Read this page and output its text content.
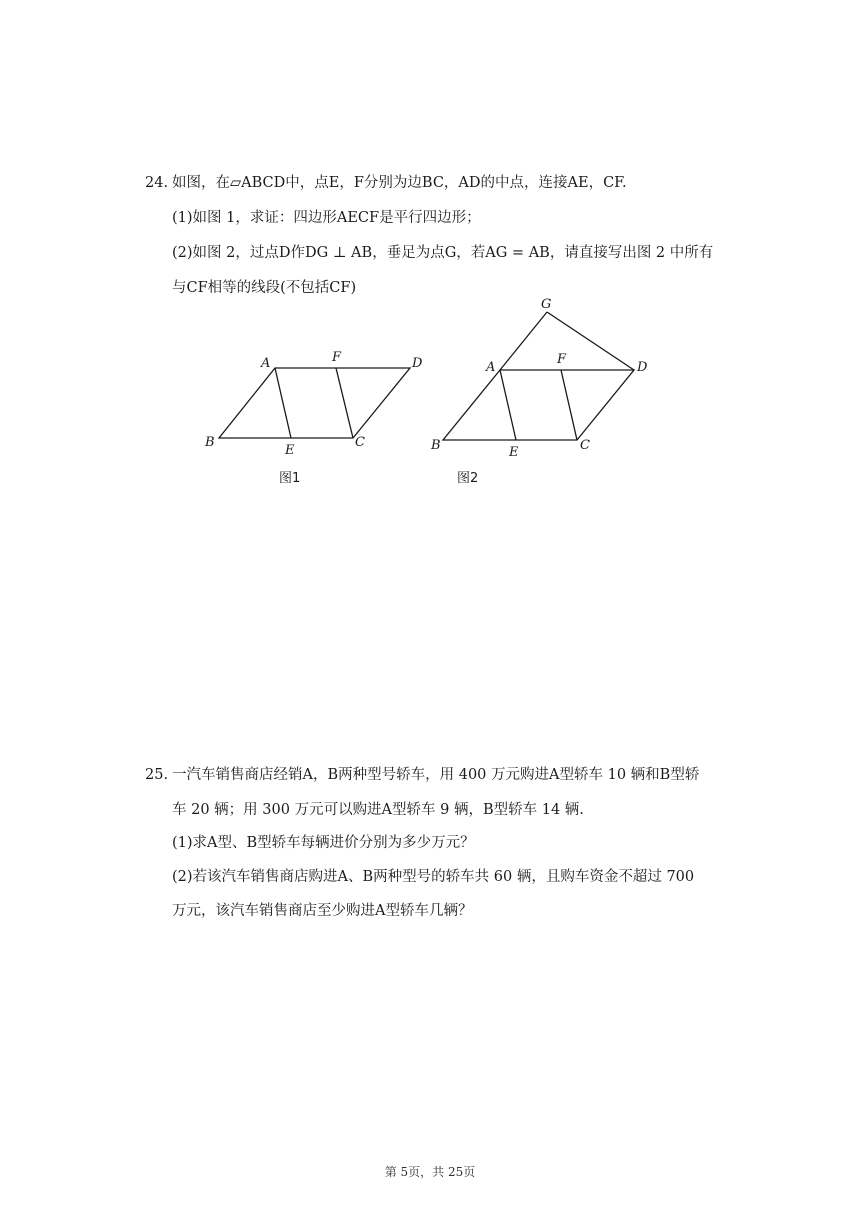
24. 如图，在▱ABCD中，点E，F分别为边BC，AD的中点，连接AE，CF.
(1)如图 1，求证：四边形AECF是平行四边形；
(2)如图 2，过点D作DG ⊥ AB，垂足为点G，若AG = AB，请直接写出图 2 中所有
与CF相等的线段(不包括CF)
A	F	D
B
E
C
图1
G
A
F
D
B	E	C
图2
25. 一汽车销售商店经销A，B两种型号轿车，用 400 万元购进A型轿车 10 辆和B型轿
车 20 辆；用 300 万元可以购进A型轿车 9 辆，B型轿车 14 辆.
(1)求A型、B型轿车每辆进价分别为多少万元？
(2)若该汽车销售商店购进A、B两种型号的轿车共 60 辆，且购车资金不超过 700
万元，该汽车销售商店至少购进A型轿车几辆？
第 5页，共 25页
